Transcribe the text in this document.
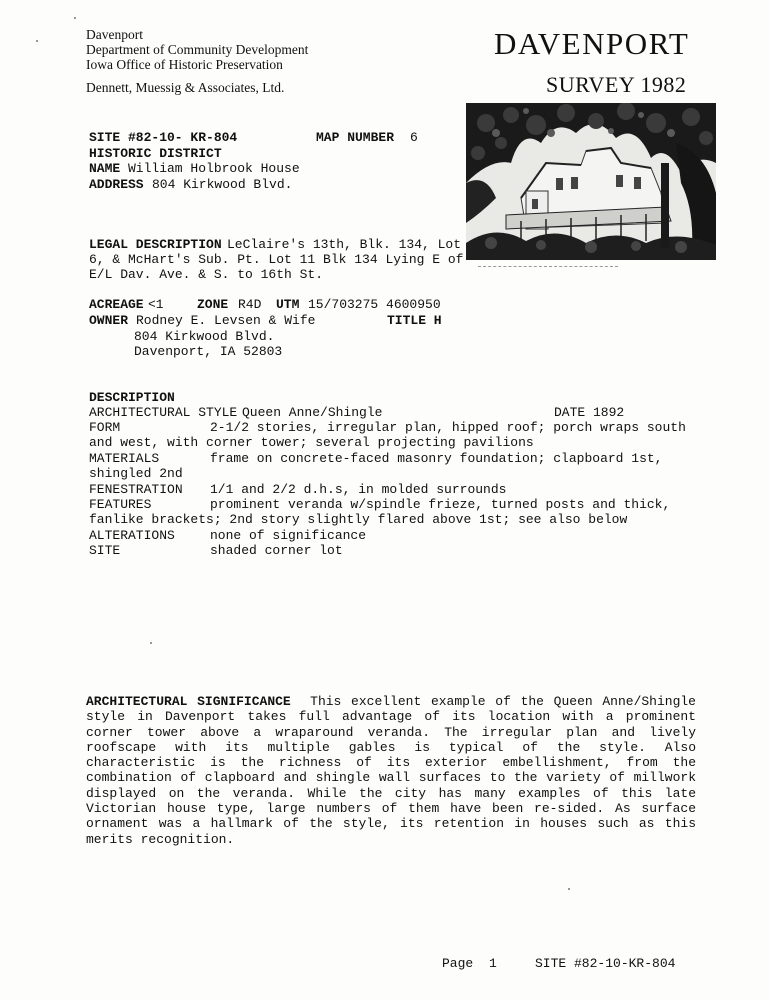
Davenport
Department of Community Development
Iowa Office of Historic Preservation
Dennett, Muessig & Associates, Ltd.
DAVENPORT
SURVEY 1982
SITE #82-10- KR-804	MAP NUMBER 6
HISTORIC DISTRICT
NAME William Holbrook House
ADDRESS 804 Kirkwood Blvd.
LEGAL DESCRIPTION LeClaire's 13th, Blk. 134, Lot
6, & McHart's Sub. Pt. Lot 11 Blk 134 Lying E of
E/L Dav. Ave. & S. to 16th St.
ACREAGE <1	ZONE R4D UTM 15/703275 4600950
OWNER Rodney E. Levsen & Wife	TITLE H
804 Kirkwood Blvd.
Davenport, IA 52803
DESCRIPTION
ARCHITECTURAL STYLE Queen Anne/Shingle	DATE 1892
FORM	2-1/2 stories, irregular plan, hipped roof; porch wraps south
and west, with corner tower; several projecting pavilions
MATERIALS	frame on concrete-faced masonry foundation; clapboard 1st,
shingled 2nd
FENESTRATION 1/1 and 2/2 d.h.s, in molded surrounds
FEATURES	prominent veranda w/spindle frieze, turned posts and thick,
fanlike brackets; 2nd story slightly flared above 1st; see also below
ALTERATIONS	none of significance
SITE	shaded corner lot
ARCHITECTURAL SIGNIFICANCE This excellent example of the Queen Anne/Shingle style in Davenport takes full advantage of its location with a prominent corner tower above a wraparound veranda. The irregular plan and lively roofscape with its multiple gables is typical of the style. Also characteristic is the richness of its exterior embellishment, from the combination of clapboard and shingle wall surfaces to the variety of millwork displayed on the veranda. While the city has many examples of this late Victorian house type, large numbers of them have been re-sided. As surface ornament was a hallmark of the style, its retention in houses such as this merits recognition.
Page 1	SITE #82-10-KR-804
